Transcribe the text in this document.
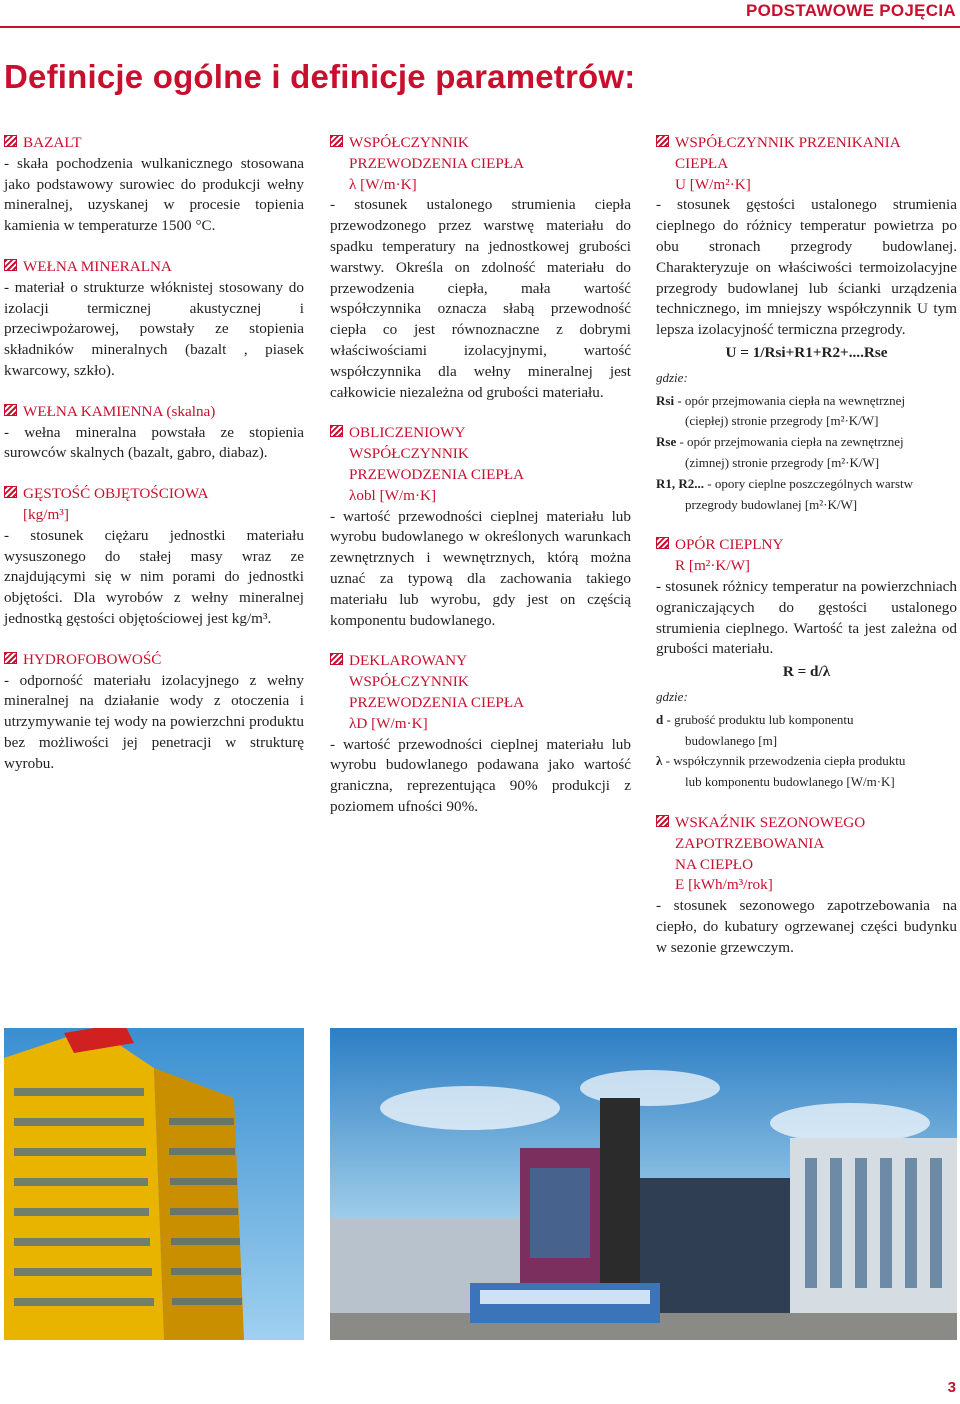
PODSTAWOWE POJĘCIA
Definicje ogólne i definicje parametrów:
BAZALT

- skała pochodzenia wulkanicznego stosowana jako podstawowy surowiec do produkcji wełny mineralnej, uzyskanej w procesie topienia kamienia w temperaturze 1500 °C.

WEŁNA MINERALNA

- materiał o strukturze włóknistej stosowany do izolacji termicznej akustycznej i przeciwpożarowej, powstały ze stopienia składników mineralnych (bazalt , piasek kwarcowy, szkło).

WEŁNA KAMIENNA (skalna)

- wełna mineralna powstała ze stopienia surowców skalnych (bazalt, gabro, diabaz).

GĘSTOŚĆ OBJĘTOŚCIOWA
[kg/m³]

- stosunek ciężaru jednostki materiału wysuszonego do stałej masy wraz ze znajdującymi się w nim porami do jednostki objętości. Dla wyrobów z wełny mineralnej jednostką gęstości objętościowej jest kg/m³.

HYDROFOBOWOŚĆ

- odporność materiału izolacyjnego z wełny mineralnej na działanie wody z otoczenia i utrzymywanie tej wody na powierzchni produktu bez możliwości jej penetracji w strukturę wyrobu.

WSPÓŁCZYNNIK
PRZEWODZENIA CIEPŁA
λ [W/m·K]

- stosunek ustalonego strumienia ciepła przewodzonego przez warstwę materiału do spadku temperatury na jednostkowej grubości warstwy. Określa on zdolność materiału do przewodzenia ciepła, mała wartość współczynnika oznacza słabą przewodność ciepła co jest równoznaczne z dobrymi właściwościami izolacyjnymi, wartość współczynnika dla wełny mineralnej jest całkowicie niezależna od grubości materiału.

OBLICZENIOWY
WSPÓŁCZYNNIK
PRZEWODZENIA CIEPŁA
λobl [W/m·K]

- wartość przewodności cieplnej materiału lub wyrobu budowlanego w określonych warunkach zewnętrznych i wewnętrznych, którą można uznać za typową dla zachowania takiego materiału lub wyrobu, gdy jest on częścią komponentu budowlanego.

DEKLAROWANY
WSPÓŁCZYNNIK
PRZEWODZENIA CIEPŁA
λD [W/m·K]

- wartość przewodności cieplnej materiału lub wyrobu budowlanego podawana jako wartość graniczna, reprezentująca 90% produkcji z poziomem ufności 90%.

WSPÓŁCZYNNIK PRZENIKANIA
CIEPŁA
U [W/m²·K]

- stosunek gęstości ustalonego strumienia cieplnego do różnicy temperatur powietrza po obu stronach przegrody budowlanej. Charakteryzuje on właściwości termoizolacyjne przegrody budowlanej lub ścianki urządzenia technicznego, im mniejszy współczynnik U tym lepsza izolacyjność termiczna przegrody.

U = 1/Rsi+R1+R2+....Rse
gdzie:

Rsi - opór przejmowania ciepła na wewnętrznej
(ciepłej) stronie przegrody [m²·K/W]

Rse - opór przejmowania ciepła na zewnętrznej
(zimnej) stronie przegrody [m²·K/W]

R1, R2... - opory cieplne poszczególnych warstw
przegrody budowlanej [m²·K/W]

OPÓR CIEPLNY
R [m²·K/W]

- stosunek różnicy temperatur na powierzchniach ograniczających do gęstości ustalonego strumienia cieplnego. Wartość ta jest zależna od grubości materiału.

R = d/λ
gdzie:

d - grubość produktu lub komponentu
budowlanego [m]

λ - współczynnik przewodzenia ciepła produktu
lub komponentu budowlanego [W/m·K]

WSKAŹNIK SEZONOWEGO
ZAPOTRZEBOWANIA
NA CIEPŁO
E [kWh/m³/rok]

- stosunek sezonowego zapotrzebowania na ciepło, do kubatury ogrzewanej części budynku w sezonie grzewczym.

3
